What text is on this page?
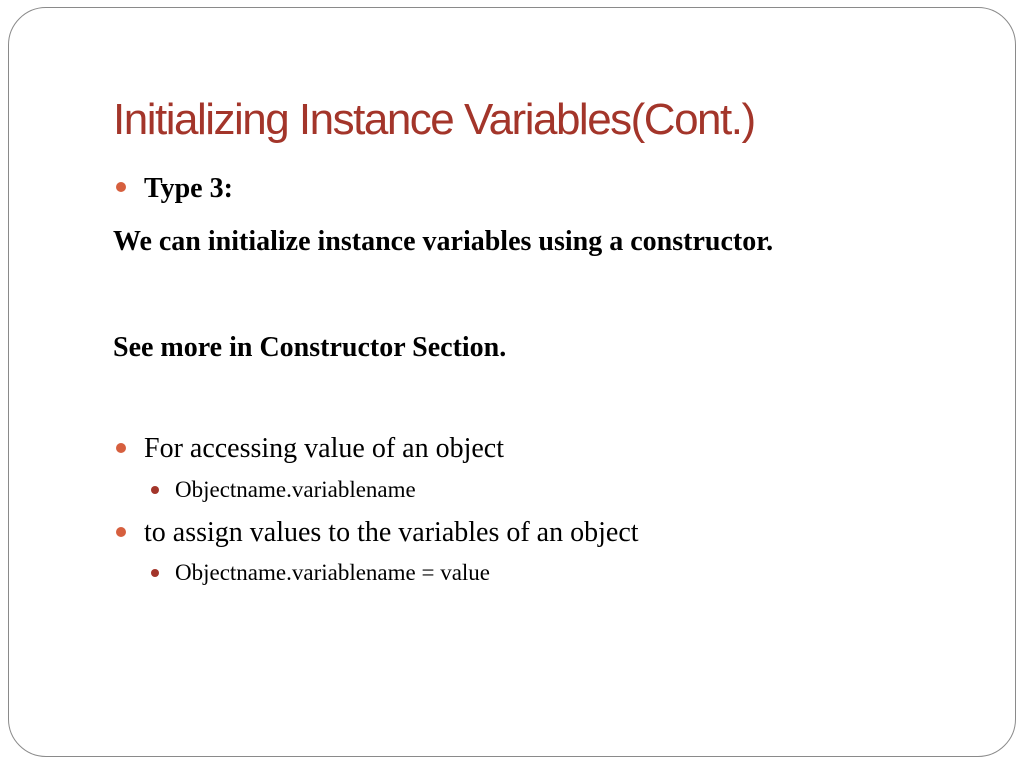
Initializing Instance Variables(Cont.)

Type 3:

We can initialize instance variables using a constructor.

See more in Constructor Section.

For accessing value of an object

Objectname.variablename

to assign values to the variables of an object

Objectname.variablename = value
